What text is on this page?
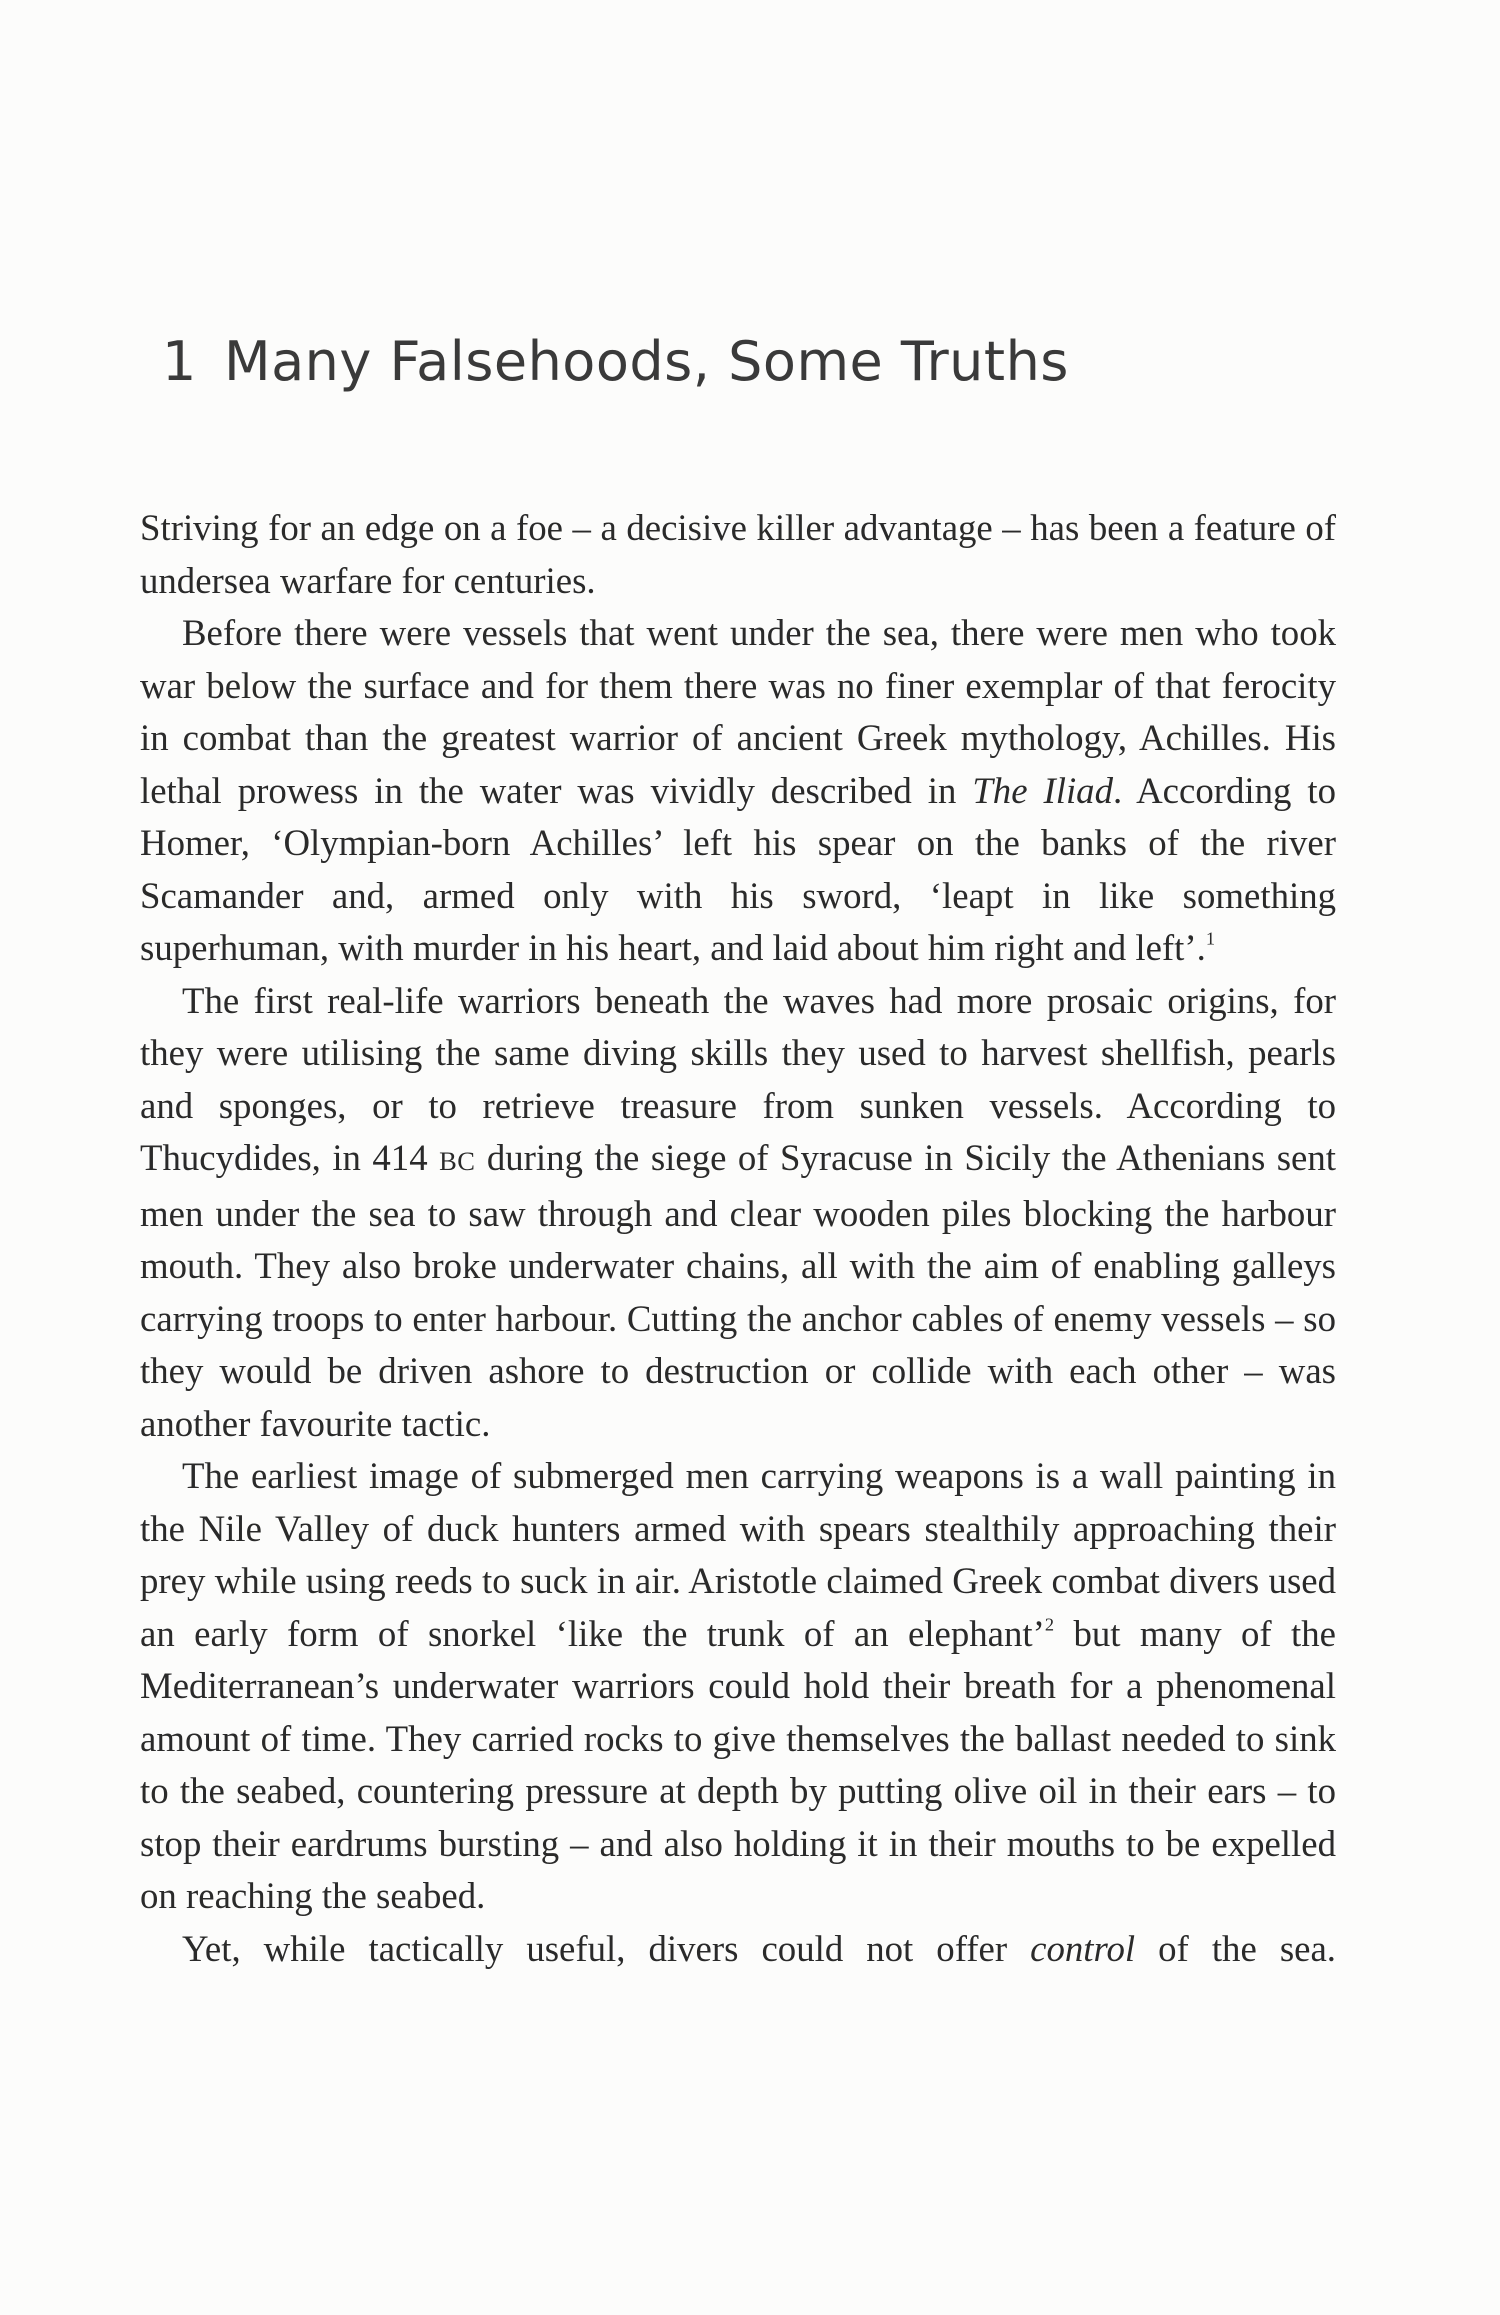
1 Many Falsehoods, Some Truths

Striving for an edge on a foe – a decisive killer advantage – has been a feature of undersea warfare for centuries.

Before there were vessels that went under the sea, there were men who took war below the surface and for them there was no finer exemplar of that ferocity in combat than the greatest warrior of ancient Greek mythology, Achilles. His lethal prowess in the water was vividly described in The Iliad. According to Homer, ‘Olympian-born Achilles’ left his spear on the banks of the river Scamander and, armed only with his sword, ‘leapt in like something superhuman, with murder in his heart, and laid about him right and left’.$^1$

The first real-life warriors beneath the waves had more prosaic origins, for they were utilising the same diving skills they used to harvest shellfish, pearls and sponges, or to retrieve treasure from sunken vessels. According to Thucydides, in 414 BC during the siege of Syracuse in Sicily the Athenians sent men under the sea to saw through and clear wooden piles blocking the harbour mouth. They also broke underwater chains, all with the aim of enabling galleys carrying troops to enter harbour. Cutting the anchor cables of enemy vessels – so they would be driven ashore to destruction or collide with each other – was another favourite tactic.

The earliest image of submerged men carrying weapons is a wall painting in the Nile Valley of duck hunters armed with spears stealthily approaching their prey while using reeds to suck in air. Aristotle claimed Greek combat divers used an early form of snorkel ‘like the trunk of an elephant’$^2$ but many of the Mediterranean’s underwater warriors could hold their breath for a phenomenal amount of time. They carried rocks to give themselves the ballast needed to sink to the seabed, countering pressure at depth by putting olive oil in their ears – to stop their eardrums bursting – and also holding it in their mouths to be expelled on reaching the seabed.

Yet, while tactically useful, divers could not offer control of the sea.
